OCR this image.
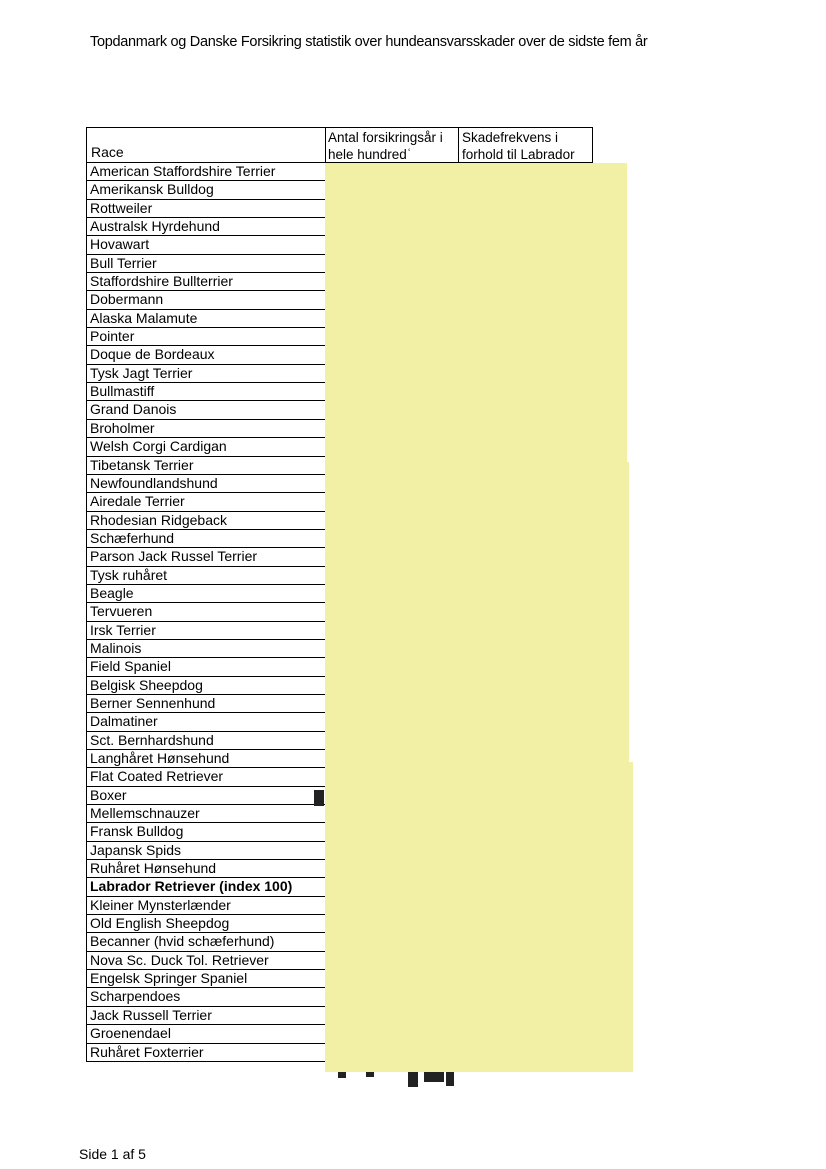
Topdanmark og Danske Forsikring statistik over hundeansvarsskader over de sidste fem år
Race
Antal forsikringsår i
hele hundredʿ
Skadefrekvens i
forhold til Labrador
American Staffordshire Terrier
Amerikansk Bulldog
Rottweiler
Australsk Hyrdehund
Hovawart
Bull Terrier
Staffordshire Bullterrier
Dobermann
Alaska Malamute
Pointer
Doque de Bordeaux
Tysk Jagt Terrier
Bullmastiff
Grand Danois
Broholmer
Welsh Corgi Cardigan
Tibetansk Terrier
Newfoundlandshund
Airedale Terrier
Rhodesian Ridgeback
Schæferhund
Parson Jack Russel Terrier
Tysk ruhåret
Beagle
Tervueren
Irsk Terrier
Malinois
Field Spaniel
Belgisk Sheepdog
Berner Sennenhund
Dalmatiner
Sct. Bernhardshund
Langhåret Hønsehund
Flat Coated Retriever
Boxer
Mellemschnauzer
Fransk Bulldog
Japansk Spids
Ruhåret Hønsehund
Labrador Retriever (index 100)
Kleiner Mynsterlænder
Old English Sheepdog
Becanner (hvid schæferhund)
Nova Sc. Duck Tol. Retriever
Engelsk Springer Spaniel
Scharpendoes
Jack Russell Terrier
Groenendael
Ruhåret Foxterrier
Side 1 af 5
